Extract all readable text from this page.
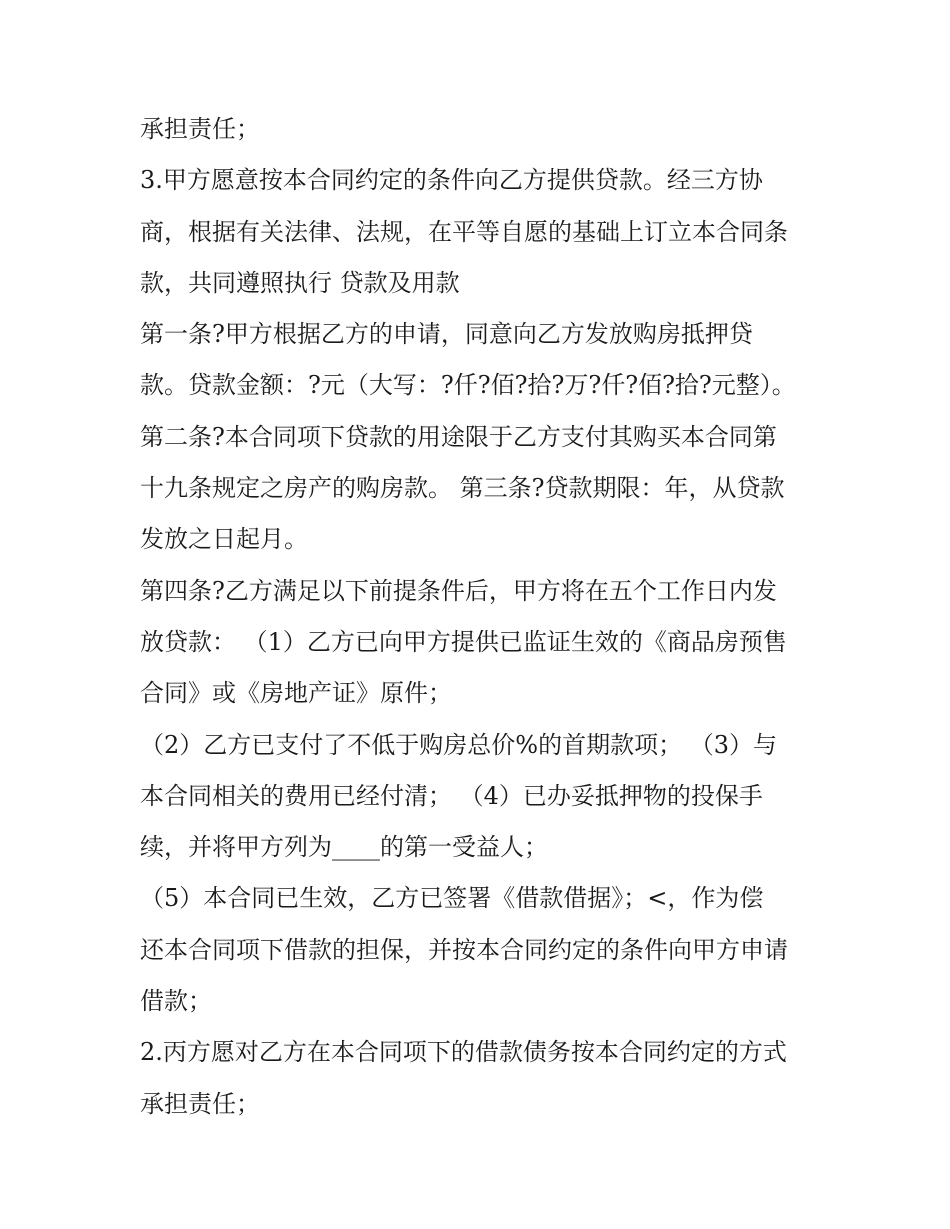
承担责任；
3.甲方愿意按本合同约定的条件向乙方提供贷款。经三方协
商，根据有关法律、法规，在平等自愿的基础上订立本合同条
款，共同遵照执行 贷款及用款
第一条?甲方根据乙方的申请，同意向乙方发放购房抵押贷
款。贷款金额：?元（大写：?仟?佰?拾?万?仟?佰?拾?元整）。
第二条?本合同项下贷款的用途限于乙方支付其购买本合同第
十九条规定之房产的购房款。 第三条?贷款期限：年，从贷款
发放之日起月。
第四条?乙方满足以下前提条件后，甲方将在五个工作日内发
放贷款： （1）乙方已向甲方提供已监证生效的《商品房预售
合同》或《房地产证》原件；
（2）乙方已支付了不低于购房总价%的首期款项； （3）与
本合同相关的费用已经付清； （4）已办妥抵押物的投保手
续，并将甲方列为____的第一受益人；
（5）本合同已生效，乙方已签署《借款借据》；<，作为偿
还本合同项下借款的担保，并按本合同约定的条件向甲方申请
借款；
2.丙方愿对乙方在本合同项下的借款债务按本合同约定的方式
承担责任；
